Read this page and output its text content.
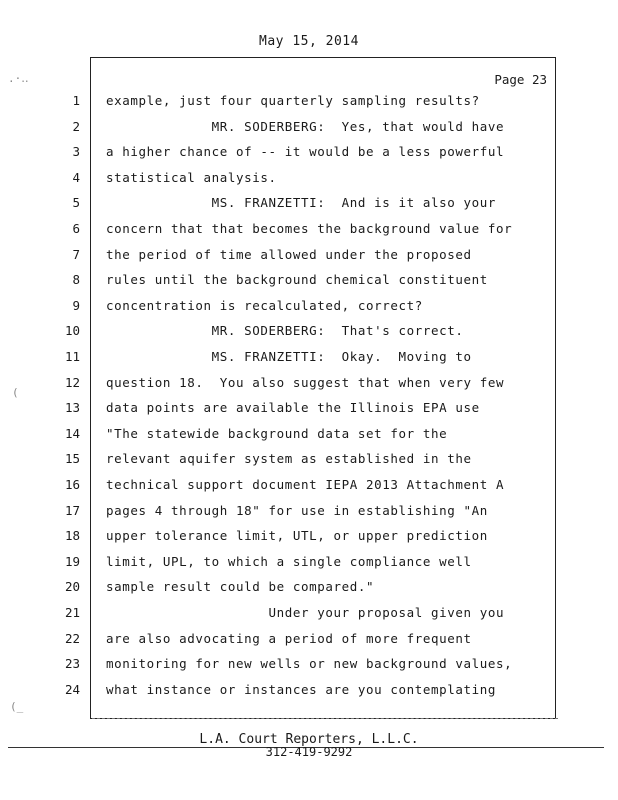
May 15, 2014
Page 23
1 example, just four quarterly sampling results?
2 MR. SODERBERG:  Yes, that would have
3 a higher chance of -- it would be a less powerful
4 statistical analysis.
5 MS. FRANZETTI:  And is it also your
6 concern that that becomes the background value for
7 the period of time allowed under the proposed
8 rules until the background chemical constituent
9 concentration is recalculated, correct?
10 MR. SODERBERG:  That's correct.
11 MS. FRANZETTI:  Okay.  Moving to
12 question 18.  You also suggest that when very few
13 data points are available the Illinois EPA use
14 "The statewide background data set for the
15 relevant aquifer system as established in the
16 technical support document IEPA 2013 Attachment A
17 pages 4 through 18" for use in establishing "An
18 upper tolerance limit, UTL, or upper prediction
19 limit, UPL, to which a single compliance well
20 sample result could be compared."
21 Under your proposal given you
22 are also advocating a period of more frequent
23 monitoring for new wells or new background values,
24 what instance or instances are you contemplating
L.A. Court Reporters, L.L.C.
312-419-9292
.·‥
(
(_
